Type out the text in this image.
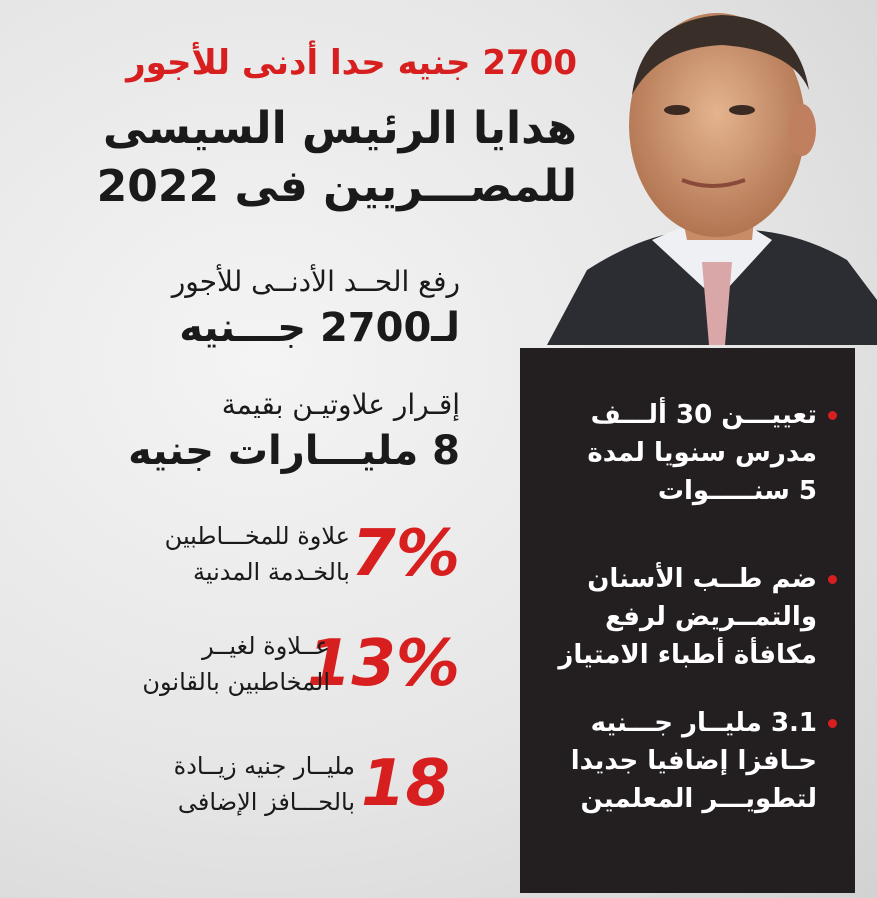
2700 جنيه حدا أدنى للأجور
هدايا الرئيس السيسى
للمصـــريين فى 2022
رفع الحــد الأدنــى للأجور
لـ2700 جـــنيه
إقـرار علاوتيـن بقيمة
8 مليـــارات جنيه
7%
علاوة للمخـــاطبين
بالخـدمة المدنية
13%
عــلاوة لغيــر
المخاطبين بالقانون
18
مليــار جنيه زيــادة
بالحـــافز الإضافى
تعييـــن 30 ألـــف
مدرس سنويا لمدة
5 سنـــــوات
ضم طــب الأسنان
والتمــريض لرفع
مكافأة أطباء الامتياز
3.1 مليــار جـــنيه
حـافزا إضافيا جديدا
لتطويـــر المعلمين
